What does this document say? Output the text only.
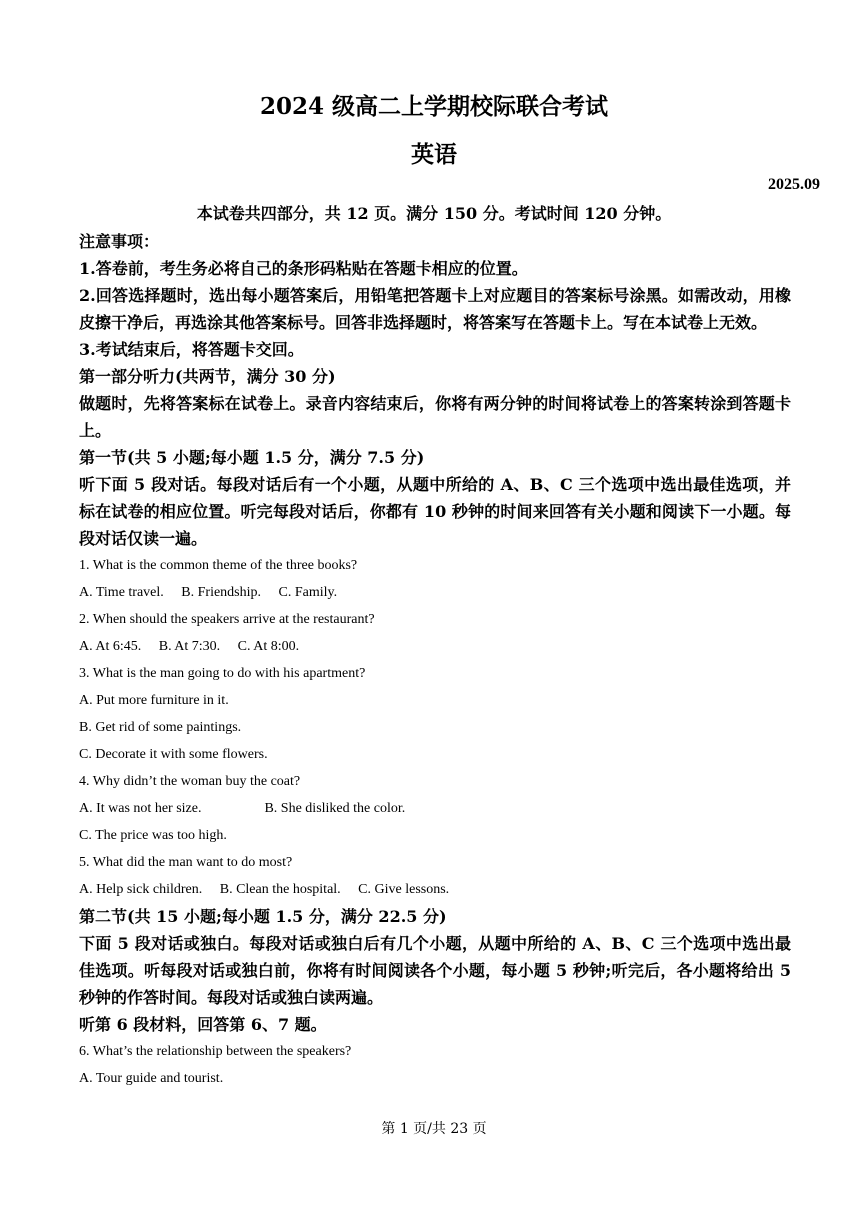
2024 级高二上学期校际联合考试
英语
2025.09
本试卷共四部分，共 12 页。满分 150 分。考试时间 120 分钟。

注意事项：

1.答卷前，考生务必将自己的条形码粘贴在答题卡相应的位置。

2.回答选择题时，选出每小题答案后，用铅笔把答题卡上对应题目的答案标号涂黑。如需改动，用橡皮擦干净后，再选涂其他答案标号。回答非选择题时，将答案写在答题卡上。写在本试卷上无效。

3.考试结束后，将答题卡交回。

第一部分听力(共两节，满分 30 分)

做题时，先将答案标在试卷上。录音内容结束后，你将有两分钟的时间将试卷上的答案转涂到答题卡上。

第一节(共 5 小题;每小题 1.5 分，满分 7.5 分)

听下面 5 段对话。每段对话后有一个小题，从题中所给的 A、B、C 三个选项中选出最佳选项，并标在试卷的相应位置。听完每段对话后，你都有 10 秒钟的时间来回答有关小题和阅读下一小题。每段对话仅读一遍。

1. What is the common theme of the three books?

A. Time travel.     B. Friendship.     C. Family.

2. When should the speakers arrive at the restaurant?

A. At 6:45.     B. At 7:30.     C. At 8:00.

3. What is the man going to do with his apartment?

A. Put more furniture in it.

B. Get rid of some paintings.

C. Decorate it with some flowers.

4. Why didn’t the woman buy the coat?

A. It was not her size.                  B. She disliked the color.

C. The price was too high.

5. What did the man want to do most?

A. Help sick children.     B. Clean the hospital.     C. Give lessons.

第二节(共 15 小题;每小题 1.5 分，满分 22.5 分)

下面 5 段对话或独白。每段对话或独白后有几个小题，从题中所给的 A、B、C 三个选项中选出最佳选项。听每段对话或独白前，你将有时间阅读各个小题，每小题 5 秒钟;听完后，各小题将给出 5 秒钟的作答时间。每段对话或独白读两遍。

听第 6 段材料，回答第 6、7 题。

6. What’s the relationship between the speakers?

A. Tour guide and tourist.

第 1 页/共 23 页
